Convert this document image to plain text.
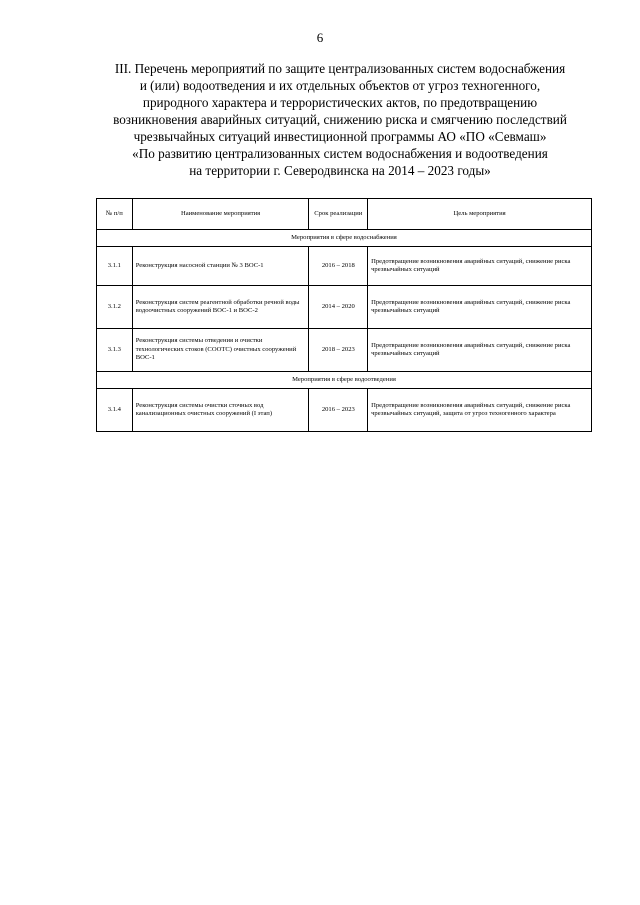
6
III. Перечень мероприятий по защите централизованных систем водоснабжения
и (или) водоотведения и их отдельных объектов от угроз техногенного,
природного характера и террористических актов, по предотвращению
возникновения аварийных ситуаций, снижению риска и смягчению последствий
чрезвычайных ситуаций инвестиционной программы АО «ПО «Севмаш»
«По развитию централизованных систем водоснабжения и водоотведения
на территории г. Северодвинска на 2014 – 2023 годы»
№ п/п	Наименование мероприятия	Срок реализации	Цель мероприятия
Мероприятия в сфере водоснабжения			
3.1.1	Реконструкция насосной станции № 3 ВОС-1	2016 – 2018	Предотвращение возникновения аварийных ситуаций, снижение риска чрезвычайных ситуаций
3.1.2	Реконструкция систем реагентной обработки речной воды водоочистных сооружений ВОС-1 и ВОС-2	2014 – 2020	Предотвращение возникновения аварийных ситуаций, снижение риска чрезвычайных ситуаций
3.1.3	Реконструкция системы отведения и очистки технологических стоков (СООТС) очистных сооружений ВОС-1	2018 – 2023	Предотвращение возникновения аварийных ситуаций, снижение риска чрезвычайных ситуаций
Мероприятия в сфере водоотведения			
3.1.4	Реконструкция системы очистки сточных вод канализационных очистных сооружений (I этап)	2016 – 2023	Предотвращение возникновения аварийных ситуаций, снижение риска чрезвычайных ситуаций, защита от угроз техногенного характера
